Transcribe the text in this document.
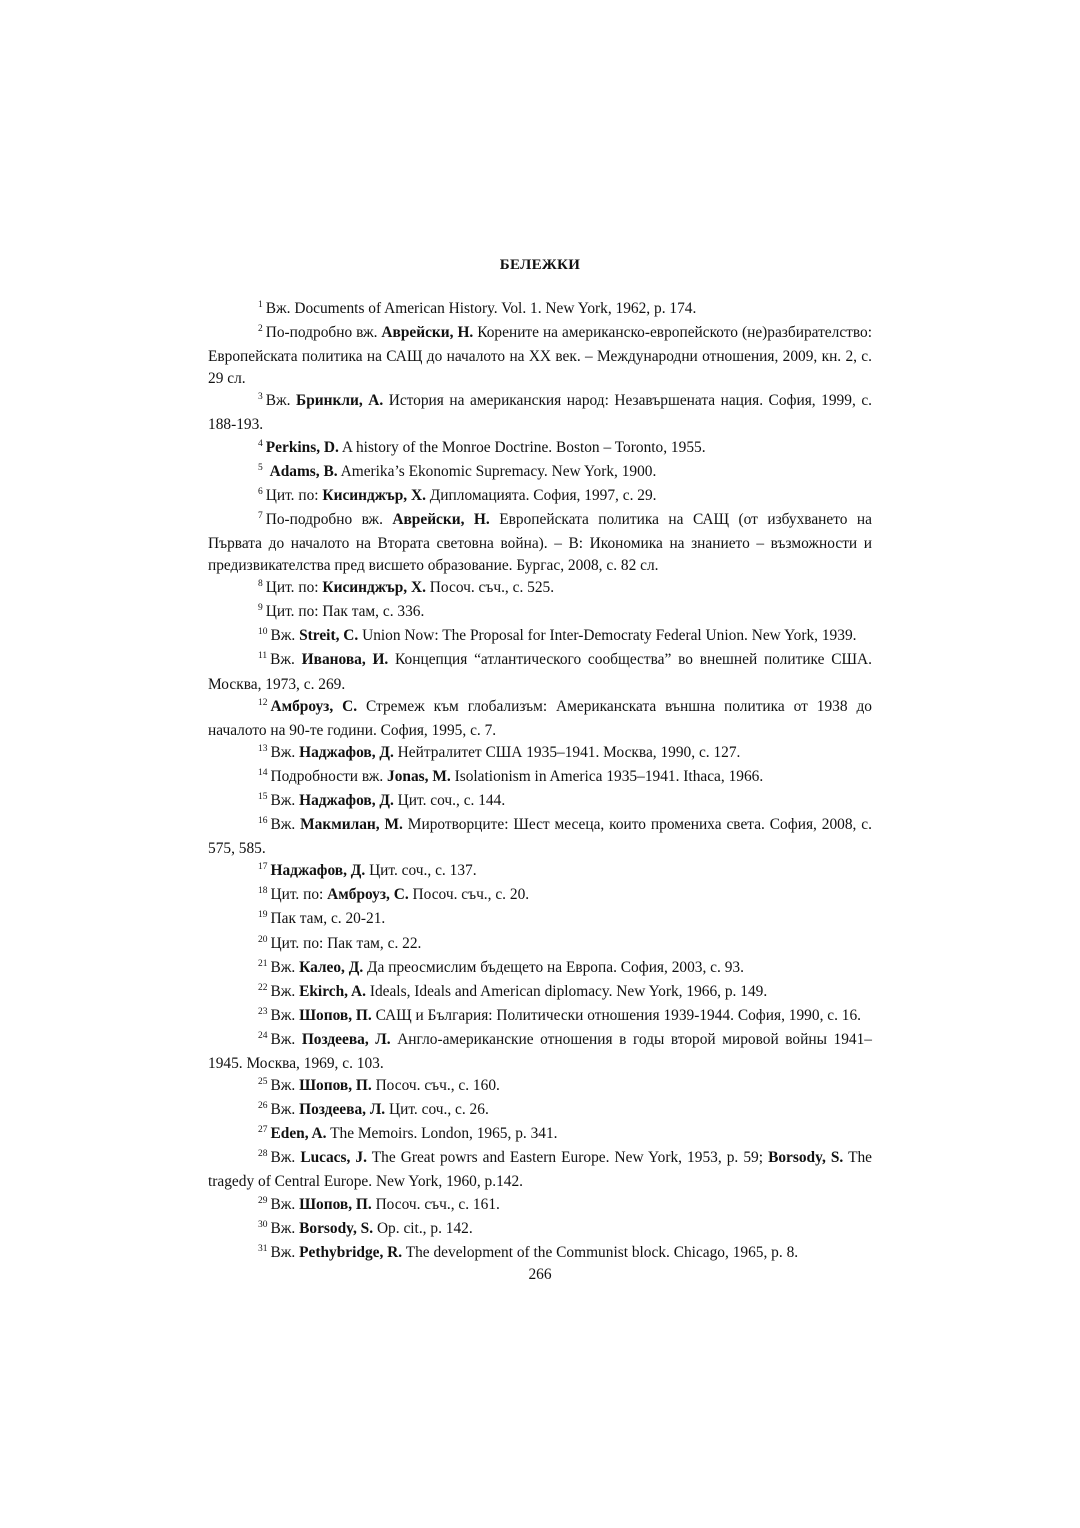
БЕЛЕЖКИ

$^1$ Вж. Documents of American History. Vol. 1. New York, 1962, p. 174.

$^2$ По-подробно вж. Аврейски, Н. Корените на американско-европейското (не)разбирателство: Европейската политика на САЩ до началото на XX век. – Международни отношения, 2009, кн. 2, с. 29 сл.

$^3$ Вж. Бринкли, А. История на американския народ: Незавършената нация. София, 1999, с. 188-193.

$^4$ Perkins, D. A history of the Monroe Doctrine. Boston – Toronto, 1955.

$^5$ Adams, B. Amerika’s Ekonomic Supremacy. New York, 1900.

$^6$ Цит. по: Кисинджър, Х. Дипломацията. София, 1997, с. 29.

$^7$ По-подробно вж. Аврейски, Н. Европейската политика на САЩ (от избухването на Първата до началото на Втората световна война). – В: Икономика на знанието – възможности и предизвикателства пред висшето образование. Бургас, 2008, с. 82 сл.

$^8$ Цит. по: Кисинджър, Х. Посоч. съч., с. 525.

$^9$ Цит. по: Пак там, с. 336.

$^{10}$ Вж. Streit, C. Union Now: The Proposal for Inter-Democraty Federal Union. New York, 1939.

$^{11}$ Вж. Иванова, И. Концепция “атлантического сообщества” во внешней политике США. Москва, 1973, с. 269.

$^{12}$ Амброуз, С. Стремеж към глобализъм: Американската външна политика от 1938 до началото на 90-те години. София, 1995, с. 7.

$^{13}$ Вж. Наджафов, Д. Нейтралитет США 1935–1941. Москва, 1990, с. 127.

$^{14}$ Подробности вж. Jonas, M. Isolationism in America 1935–1941. Ithaca, 1966.

$^{15}$ Вж. Наджафов, Д. Цит. соч., с. 144.

$^{16}$ Вж. Макмилан, М. Миротворците: Шест месеца, които промениха света. София, 2008, с. 575, 585.

$^{17}$ Наджафов, Д. Цит. соч., с. 137.

$^{18}$ Цит. по: Амброуз, С. Посоч. съч., с. 20.

$^{19}$ Пак там, с. 20-21.

$^{20}$ Цит. по: Пак там, с. 22.

$^{21}$ Вж. Калео, Д. Да преосмислим бъдещето на Европа. София, 2003, с. 93.

$^{22}$ Вж. Ekirch, A. Ideals, Ideals and American diplomacy. New York, 1966, p. 149.

$^{23}$ Вж. Шопов, П. САЩ и България: Политически отношения 1939-1944. София, 1990, с. 16.

$^{24}$ Вж. Поздеева, Л. Англо-американские отношения в годы второй мировой войны 1941–1945. Москва, 1969, с. 103.

$^{25}$ Вж. Шопов, П. Посоч. съч., с. 160.

$^{26}$ Вж. Поздеева, Л. Цит. соч., с. 26.

$^{27}$ Eden, A. The Memoirs. London, 1965, p. 341.

$^{28}$ Вж. Lucacs, J. The Great powrs and Eastern Europe. New York, 1953, p. 59; Borsody, S. The tragedy of Central Europe. New York, 1960, p.142.

$^{29}$ Вж. Шопов, П. Посоч. съч., с. 161.

$^{30}$ Вж. Borsody, S. Op. cit., p. 142.

$^{31}$ Вж. Pethybridge, R. The development of the Communist block. Chicago, 1965, p. 8.

266
